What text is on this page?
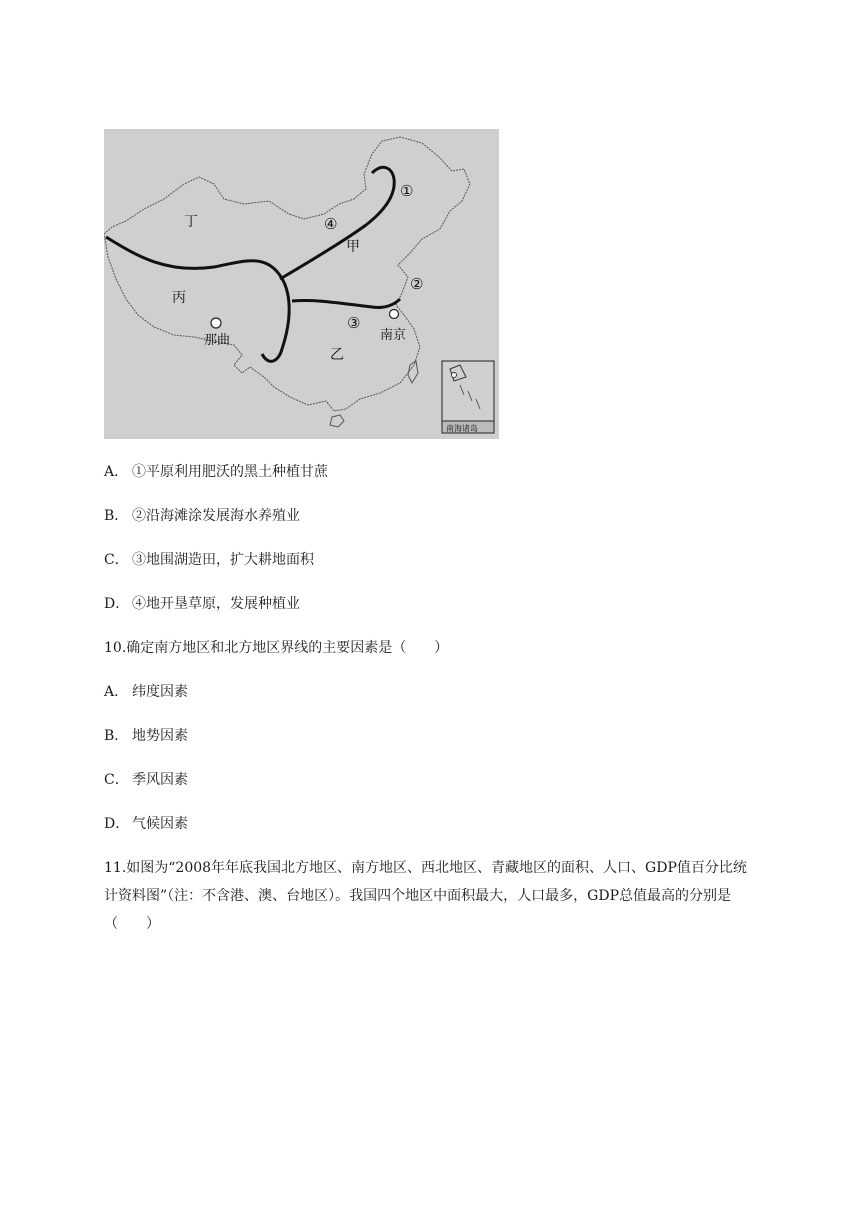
丁
丙
甲
乙
那曲	南京
①
②
③
④
南海诸岛
A． ①平原利用肥沃的黑土种植甘蔗
B． ②沿海滩涂发展海水养殖业
C． ③地围湖造田，扩大耕地面积
D． ④地开垦草原，发展种植业
10.确定南方地区和北方地区界线的主要因素是（　　）
A． 纬度因素
B． 地势因素
C． 季风因素
D． 气候因素
11.如图为“2008年年底我国北方地区、南方地区、西北地区、青藏地区的面积、人口、GDP值百分比统计资料图”（注：不含港、澳、台地区）。我国四个地区中面积最大，人口最多，GDP总值最高的分别是（　　）
